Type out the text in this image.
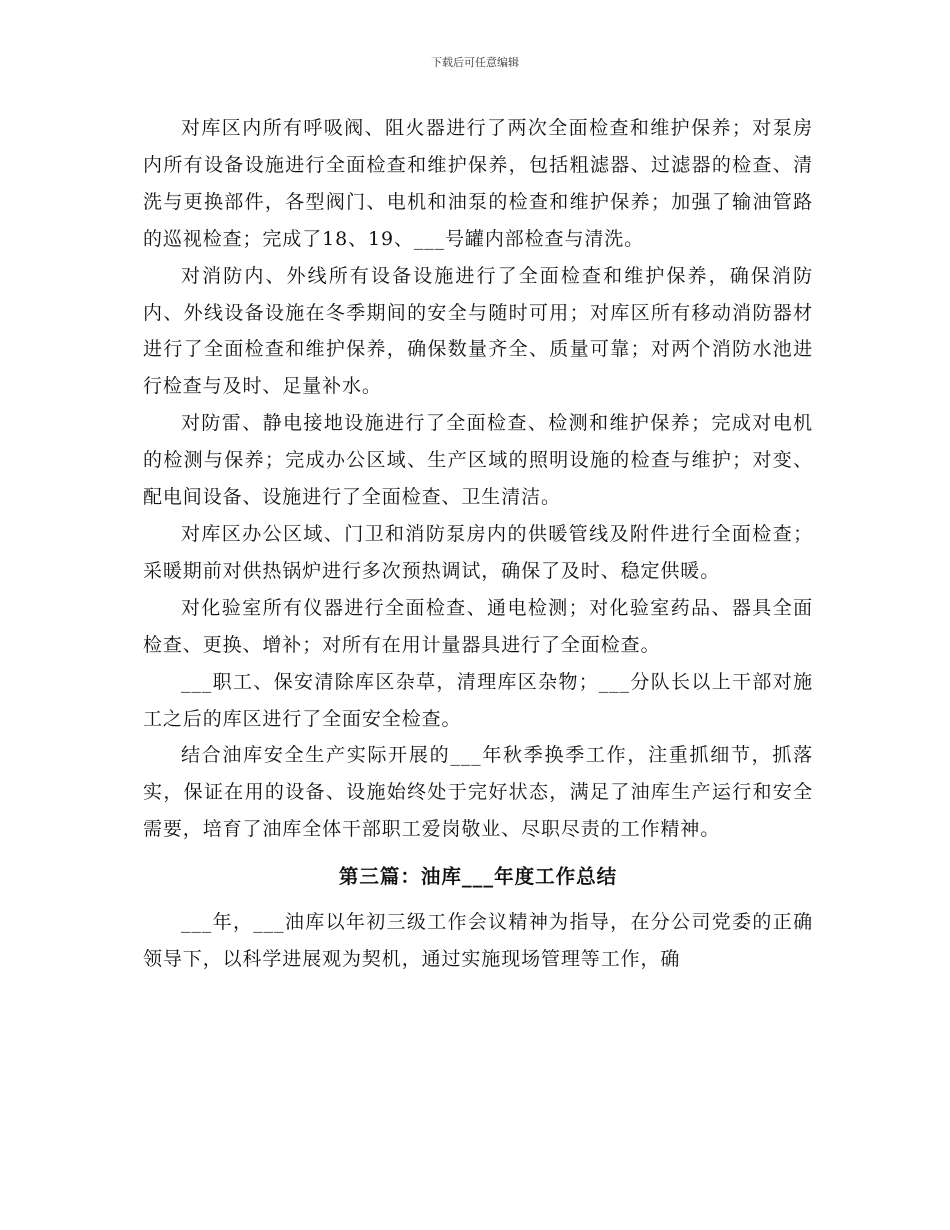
下载后可任意编辑

对库区内所有呼吸阀、阻火器进行了两次全面检查和维护保养；对泵房内所有设备设施进行全面检查和维护保养，包括粗滤器、过滤器的检查、清洗与更换部件，各型阀门、电机和油泵的检查和维护保养；加强了输油管路的巡视检查；完成了18、19、___号罐内部检查与清洗。

对消防内、外线所有设备设施进行了全面检查和维护保养，确保消防内、外线设备设施在冬季期间的安全与随时可用；对库区所有移动消防器材进行了全面检查和维护保养，确保数量齐全、质量可靠；对两个消防水池进行检查与及时、足量补水。

对防雷、静电接地设施进行了全面检查、检测和维护保养；完成对电机的检测与保养；完成办公区域、生产区域的照明设施的检查与维护；对变、配电间设备、设施进行了全面检查、卫生清洁。

对库区办公区域、门卫和消防泵房内的供暖管线及附件进行全面检查；采暖期前对供热锅炉进行多次预热调试，确保了及时、稳定供暖。

对化验室所有仪器进行全面检查、通电检测；对化验室药品、器具全面检查、更换、增补；对所有在用计量器具进行了全面检查。

___职工、保安清除库区杂草，清理库区杂物；___分队长以上干部对施工之后的库区进行了全面安全检查。

结合油库安全生产实际开展的___年秋季换季工作，注重抓细节，抓落实，保证在用的设备、设施始终处于完好状态，满足了油库生产运行和安全需要，培育了油库全体干部职工爱岗敬业、尽职尽责的工作精神。

第三篇：油库___年度工作总结

___年，___油库以年初三级工作会议精神为指导，在分公司党委的正确领导下，以科学进展观为契机，通过实施现场管理等工作，确
